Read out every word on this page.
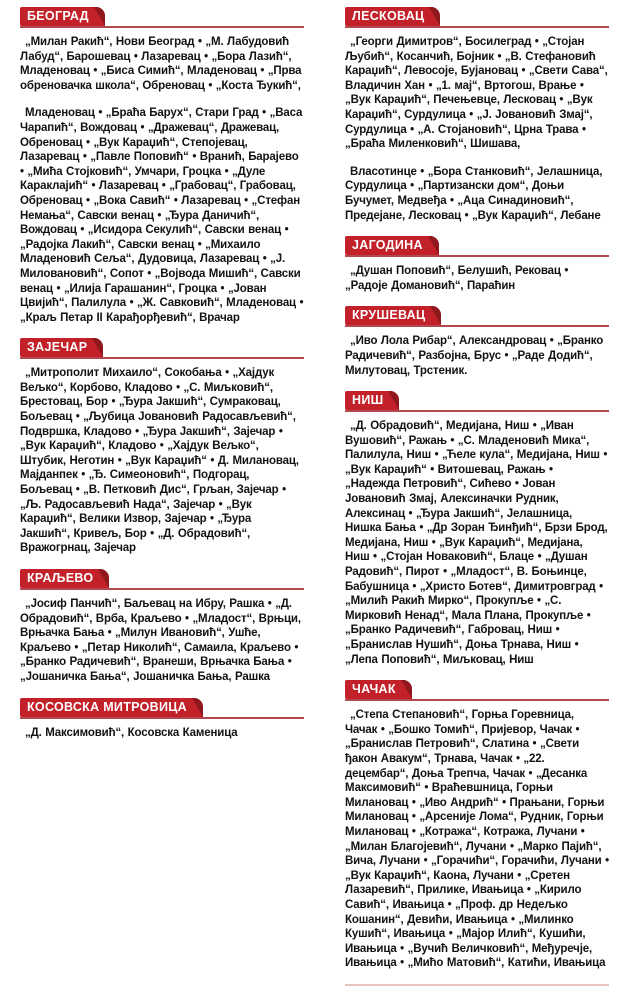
БЕОГРАД

„Милан Ракић“, Нови Београд • „М. Лабудовић Лабуд“, Барошевац • Лазаревац • „Бора Лазић“, Младеновац • „Биса Симић“, Младеновац • „Прва обреновачка школа“, Обреновац • „Коста Ђукић“,

Младеновац • „Браћа Барух“, Стари Град • „Васа Чарапић“, Вождовац • „Дражевац“, Дражевац, Обреновац • „Вук Караџић“, Степојевац, Лазаревац • „Павле Поповић“ • Вранић, Барајево • „Мића Стојковић“, Умчари, Гроцка • „Дуле Караклајић“ • Лазаревац • „Грабовац“, Грабовац, Обреновац • „Вока Савић“ • Лазаревац • „Стефан Немања“, Савски венац • „Ђура Даничић“, Вождовац • „Исидора Секулић“, Савски венац • „Радојка Лакић“, Савски венац • „Михаило Младеновић Сеља“, Дудовица, Лазаревац • „Ј. Миловановић“, Сопот • „Војвода Мишић“, Савски венац • „Илија Гарашанин“, Гроцка • „Јован Цвијић“, Палилула • „Ж. Савковић“, Младеновац • „Краљ Петар II Карађорђевић“, Врачар

ЗАЈЕЧАР

„Митрополит Михаило“, Сокобања • „Хајдук Вељко“, Корбово, Кладово • „С. Миљковић“, Брестовац, Бор • „Ђура Јакшић“, Сумраковац, Бољевац • „Љубица Јовановић Радосављевић“, Подвршка, Кладово • „Ђура Јакшић“, Зајечар • „Вук Караџић“, Кладово • „Хајдук Вељко“, Штубик, Неготин • „Вук Караџић“ • Д. Милановац, Мајданпек • „Ђ. Симеоновић“, Подгорац, Бољевац • „В. Петковић Дис“, Грљан, Зајечар • „Љ. Радосављевић Нада“, Зајечар • „Вук Караџић“, Велики Извор, Зајечар • „Ђура Јакшић“, Кривељ, Бор • „Д. Обрадовић“, Вражогрнац, Зајечар

КРАЉЕВО

„Јосиф Панчић“, Баљевац на Ибру, Рашка • „Д. Обрадовић“, Врба, Краљево • „Младост“, Врњци, Врњачка Бања • „Милун Ивановић“, Ушће, Краљево • „Петар Николић“, Самаила, Краљево • „Бранко Радичевић“, Вранеши, Врњачка Бања • „Јошаничка Бања“, Јошаничка Бања, Рашка

КОСОВСКА МИТРОВИЦА

„Д. Максимовић“, Косовска Каменица

ЛЕСКОВАЦ

„Георги Димитров“, Босилеград • „Стојан Љубић“, Косанчић, Бојник • „В. Стефановић Караџић“, Левосоје, Бујановац • „Свети Сава“, Владичин Хан • „1. мај“, Вртогош, Врање • „Вук Караџић“, Печењевце, Лесковац • „Вук Караџић“, Сурдулица • „Ј. Јовановић Змај“, Сурдулица • „А. Стојановић“, Црна Трава • „Браћа Миленковић“, Шишава,

Власотинце • „Бора Станковић“, Јелашница, Сурдулица • „Партизански дом“, Доњи Бучумет, Медвеђа • „Аца Синадиновић“, Предејане, Лесковац • „Вук Караџић“, Лебане

ЈАГОДИНА

„Душан Поповић“, Белушић, Рековац • „Радоје Домановић“, Параћин

КРУШЕВАЦ

„Иво Лола Рибар“, Александровац • „Бранко Радичевић“, Разбојна, Брус • „Раде Додић“, Милутовац, Трстеник.

НИШ

„Д. Обрадовић“, Медијана, Ниш • „Иван Вушовић“, Ражањ • „С. Младеновић Мика“, Палилула, Ниш • „Ћеле кула“, Медијана, Ниш • „Вук Караџић“ • Витошевац, Ражањ • „Надежда Петровић“, Сићево • Јован Јовановић Змај, Алексиначки Рудник, Алексинац • „Ђура Јакшић“, Јелашница, Нишка Бања • „Др Зоран Ђинђић“, Брзи Брод, Медијана, Ниш • „Вук Караџић“, Медијана, Ниш • „Стојан Новаковић“, Блаце • „Душан Радовић“, Пирот • „Младост“, В. Боњинце, Бабушница • „Христо Ботев“, Димитровград • „Милић Ракић Мирко“, Прокупље • „С. Мирковић Ненад“, Мала Плана, Прокупље • „Бранко Радичевић“, Габровац, Ниш • „Бранислав Нушић“, Доња Трнава, Ниш • „Лепа Поповић“, Миљковац, Ниш

ЧАЧАК

„Степа Степановић“, Горња Горевница, Чачак • „Бошко Томић“, Пријевор, Чачак • „Бранислав Петровић“, Слатина • „Свети ђакон Авакум“, Трнава, Чачак • „22. децембар“, Доња Трепча, Чачак • „Десанка Максимовић“ • Враћевшница, Горњи Милановац • „Иво Андрић“ • Прањани, Горњи Милановац • „Арсеније Лома“, Рудник, Горњи Милановац • „Котража“, Котража, Лучани • „Милан Благојевић“, Лучани • „Марко Пајић“, Вича, Лучани • „Горачићи“, Горачићи, Лучани • „Вук Караџић“, Каона, Лучани • „Сретен Лазаревић“, Прилике, Ивањица • „Кирило Савић“, Ивањица • „Проф. др Недељко Кошанин“, Девићи, Ивањица • „Милинко Кушић“, Ивањица • „Мајор Илић“, Кушићи, Ивањица • „Вучић Величковић“, Међуречје, Ивањица • „Мићо Матовић“, Катићи, Ивањица
